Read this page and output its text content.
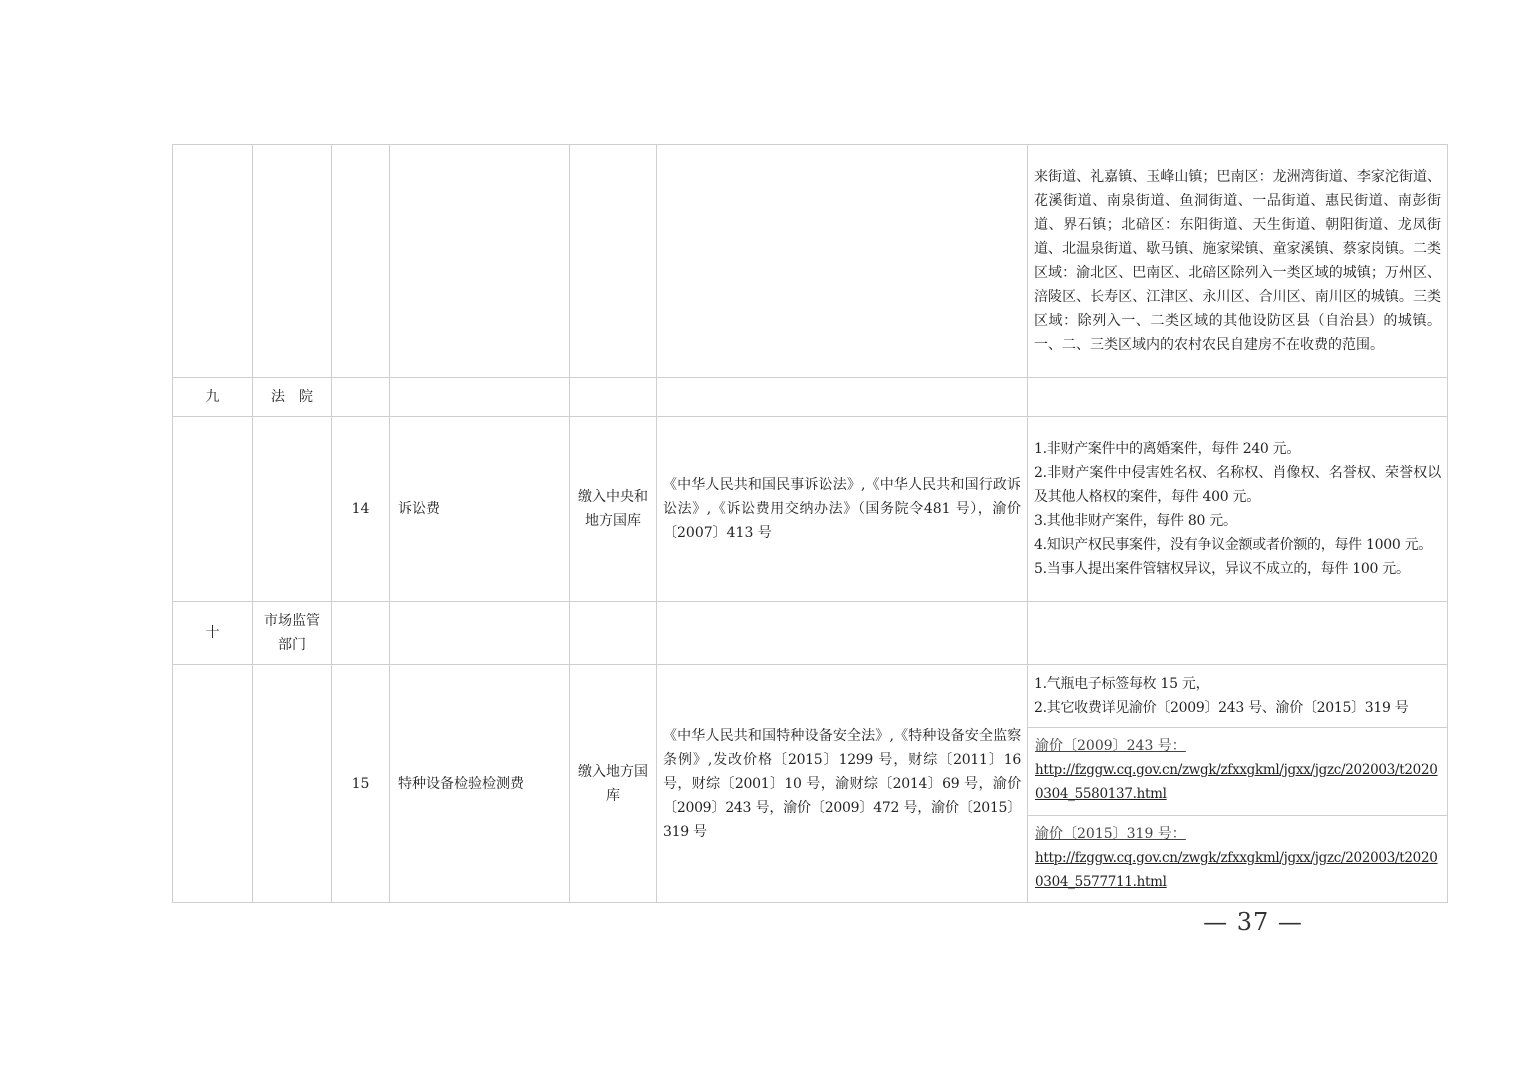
						来街道、礼嘉镇、玉峰山镇；巴南区：龙洲湾街道、李家沱街道、花溪街道、南泉街道、鱼洞街道、一品街道、惠民街道、南彭街道、界石镇；北碚区：东阳街道、天生街道、朝阳街道、龙凤街道、北温泉街道、歇马镇、施家梁镇、童家溪镇、蔡家岗镇。二类区域：渝北区、巴南区、北碚区除列入一类区域的城镇；万州区、涪陵区、长寿区、江津区、永川区、合川区、南川区的城镇。三类区域：除列入一、二类区域的其他设防区县（自治县）的城镇。一、二、三类区域内的农村农民自建房不在收费的范围。

九	法　院					
		14	诉讼费	缴入中央和地方国库	《中华人民共和国民事诉讼法》,《中华人民共和国行政诉讼法》,《诉讼费用交纳办法》（国务院令481 号），渝价〔2007〕413 号	1.非财产案件中的离婚案件，每件 240 元。
2.非财产案件中侵害姓名权、名称权、肖像权、名誉权、荣誉权以及其他人格权的案件，每件 400 元。
3.其他非财产案件，每件 80 元。
4.知识产权民事案件，没有争议金额或者价额的，每件 1000 元。
5.当事人提出案件管辖权异议，异议不成立的，每件 100 元。

十	市场监管
部门					

		15	特种设备检验检测费	缴入地方国库	《中华人民共和国特种设备安全法》,《特种设备安全监察条例》,发改价格〔2015〕1299 号，财综〔2011〕16 号，财综〔2001〕10 号，渝财综〔2014〕69 号，渝价〔2009〕243 号，渝价〔2009〕472 号，渝价〔2015〕319 号	1.气瓶电子标签每枚 15 元，
2.其它收费详见渝价〔2009〕243 号、渝价〔2015〕319 号

						渝价〔2009〕243 号：
http://fzggw.cq.gov.cn/zwgk/zfxxgkml/jgxx/jgzc/202003/t20200304_5580137.html

						渝价〔2015〕319 号：
http://fzggw.cq.gov.cn/zwgk/zfxxgkml/jgxx/jgzc/202003/t20200304_5577711.html
— 37 —
